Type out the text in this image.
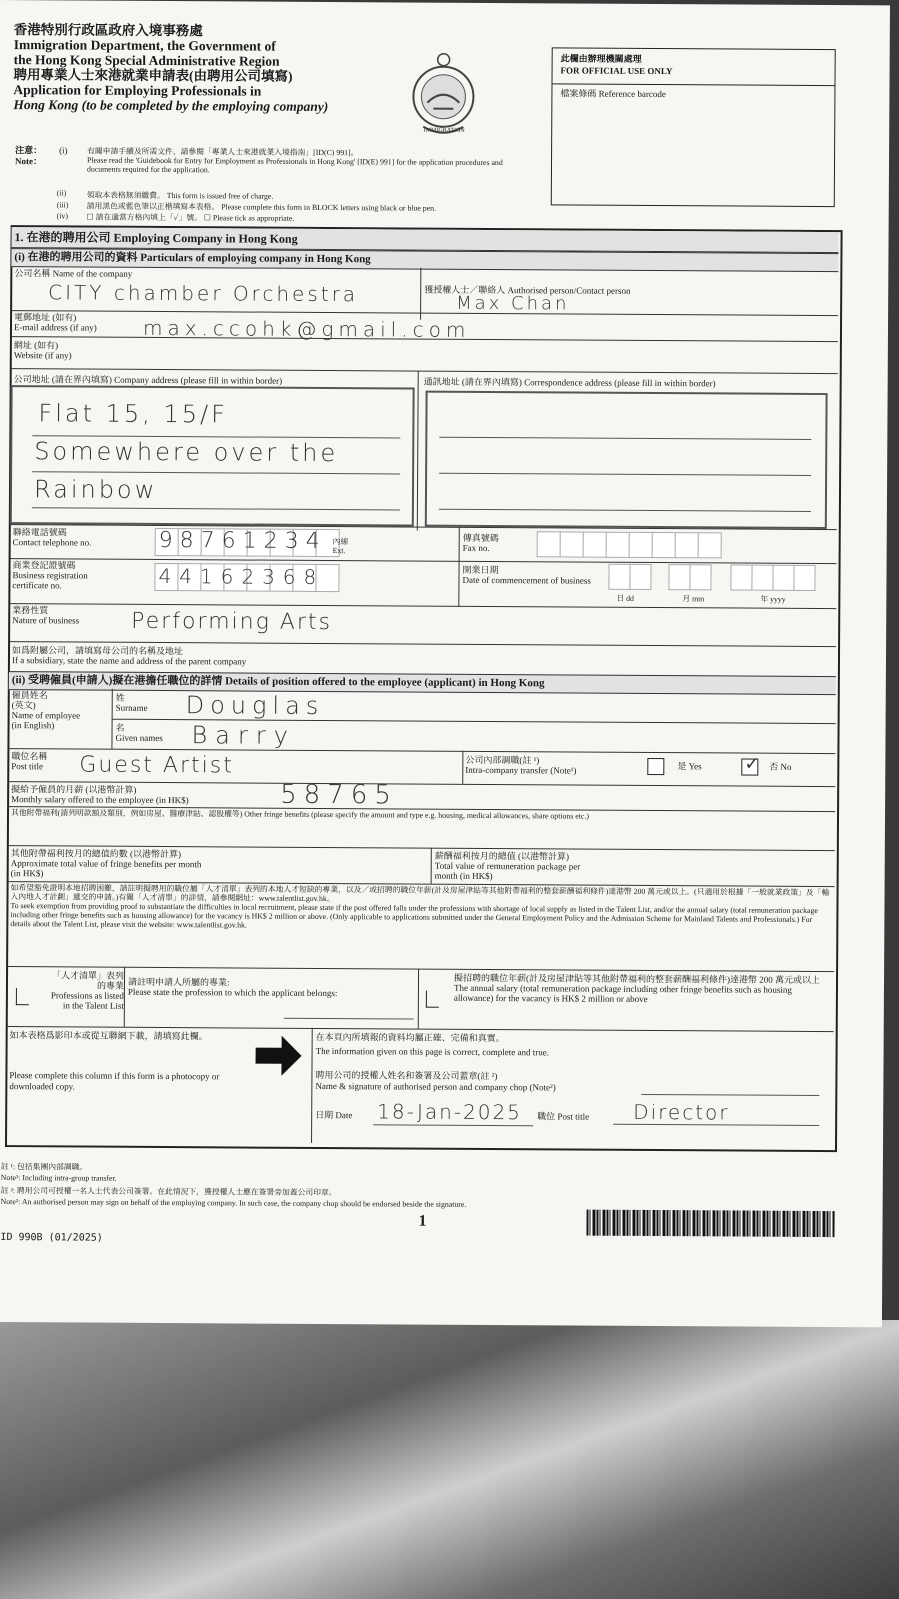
香港特別行政區政府入境事務處
Immigration Department, the Government of
the Hong Kong Special Administrative Region
聘用專業人士來港就業申請表(由聘用公司填寫)
Application for Employing Professionals in
Hong Kong (to be completed by the employing company)
IMMIGRATION
此欄由辦理機關處理
FOR OFFICIAL USE ONLY
檔案條碼 Reference barcode
注意：
Note：
(i) 有關申請手續及所需文件，請參閱「專業人士來港就業入境指南」[ID(C) 991]。
Please read the 'Guidebook for Entry for Employment as Professionals in Hong Kong' [ID(E) 991] for the application procedures and documents required for the application.
(ii)	領取本表格無須繳費。 This form is issued free of charge.
(iii) 請用黑色或藍色筆以正楷填寫本表格。 Please complete this form in BLOCK letters using black or blue pen.
(iv) ☐ 請在適當方格內填上「✓」號。 ☐ Please tick as appropriate.
1. 在港的聘用公司 Employing Company in Hong Kong
(i) 在港的聘用公司的資料 Particulars of employing company in Hong Kong
公司名稱 Name of the company
CITY chamber Orchestra	獲授權人士／聯絡人 Authorised person/Contact person
Max Chan
電郵地址 (如有)
E-mail address (if any) max.ccohk@gmail.com
網址 (如有)
Website (if any)
公司地址 (請在界內填寫) Company address (please fill in within border)
Flat 15, 15/F
Somewhere over the
Rainbow
通訊地址 (請在界內填寫) Correspondence address (please fill in within border)
聯絡電話號碼
Contact telephone no.	98761234 內線
Ext.
傳真號碼
Fax no.
商業登記證號碼
Business registration certificate no.	44162368	開業日期
Date of commencement of business
日 dd	月 mm	年 yyyy
業務性質
Nature of business Performing Arts
如爲附屬公司，請填寫母公司的名稱及地址
If a subsidiary, state the name and address of the parent company
(ii) 受聘僱員(申請人)擬在港擔任職位的詳情 Details of position offered to the employee (applicant) in Hong Kong
僱員姓名
(英文)
Name of employee
(in English)
姓
Surname Douglas
名
Given names Barry
職位名稱
Post title Guest Artist	公司內部調職(註 ¹)
Intra-company transfer (Note¹)	是 Yes ✓ 否 No
擬給予僱員的月薪 (以港幣計算)
Monthly salary offered to the employee (in HK$)	58765
其他附帶福利(請列明款額及類別，例如房屋、醫療津貼、認股權等) Other fringe benefits (please specify the amount and type e.g. housing, medical allowances, share options etc.)
其他附帶福利按月的總值約數 (以港幣計算)
Approximate total value of fringe benefits per month
(in HK$)
薪酬福利按月的總值 (以港幣計算)
Total value of remuneration package per
month (in HK$)
如希望豁免證明本地招聘困難，請註明擬聘用的職位屬「人才清單」表列的本地人才短缺的專業，以及／或招聘的職位年薪(計及房屋津貼等其他附帶福利的整套薪酬福利條件)達港幣 200 萬元或以上。(只適用於根據「一般就業政策」及「輸入內地人才計劃」遞交的申請。)有關「人才清單」的詳情，請參閱網址：www.talentlist.gov.hk。
To seek exemption from providing proof to substantiate the difficulties in local recruitment, please state if the post offered falls under the professions with shortage of local supply as listed in the Talent List, and/or the annual salary (total remuneration package including other fringe benefits such as housing allowance) for the vacancy is HK$ 2 million or above. (Only applicable to applications submitted under the General Employment Policy and the Admission Scheme for Mainland Talents and Professionals.) For details about the Talent List, please visit the website: www.talentlist.gov.hk.
「人才清單」表列的專業
Professions as listed in the Talent List
請註明申請人所屬的專業:
Please state the profession to which the applicant belongs:
擬招聘的職位年薪(計及房屋津貼等其他附帶福利的整套薪酬福利條件)達港幣 200 萬元或以上
The annual salary (total remuneration package including other fringe benefits such as housing allowance) for the vacancy is HK$ 2 million or above
如本表格爲影印本或從互聯網下載，請填寫此欄。
Please complete this column if this form is a photocopy or downloaded copy.
在本頁內所填報的資料均屬正確、完備和真實。
The information given on this page is correct, complete and true.
聘用公司的授權人姓名和簽署及公司蓋章(註 ²)
Name & signature of authorised person and company chop (Note²)
日期 Date 18-Jan-2025 職位 Post title Director
註 ¹: 包括集團內部調職。
Note¹: Including intra-group transfer.
註 ²: 聘用公司可授權一名人士代表公司簽署。在此情況下，獲授權人士應在簽署旁加蓋公司印章。
Note²: An authorised person may sign on behalf of the employing company. In such case, the company chop should be endorsed beside the signature.
1
ID 990B (01/2025)
